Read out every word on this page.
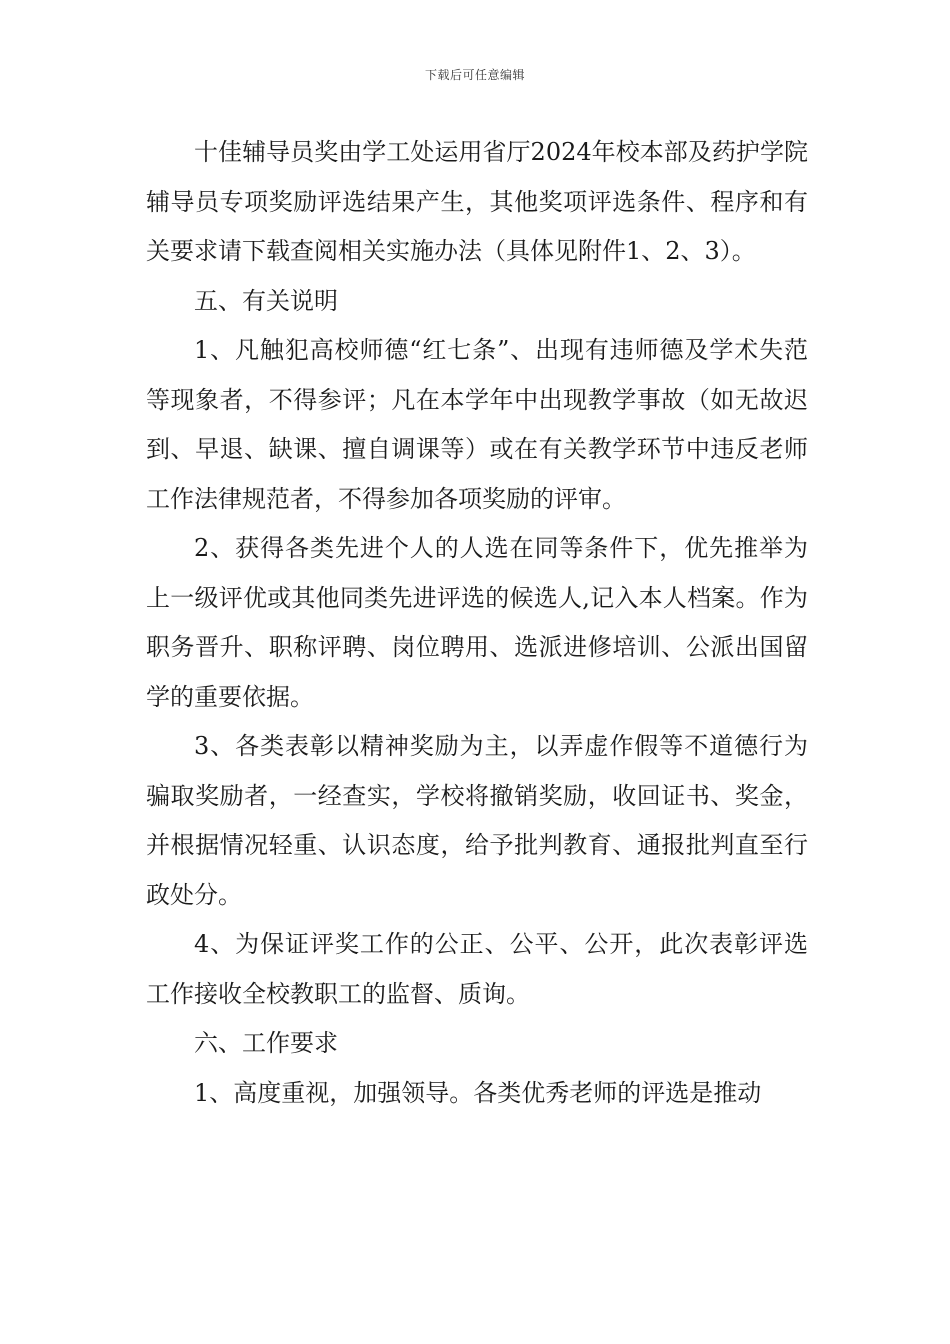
下载后可任意编辑

十佳辅导员奖由学工处运用省厅2024年校本部及药护学院辅导员专项奖励评选结果产生，其他奖项评选条件、程序和有关要求请下载查阅相关实施办法（具体见附件1、2、3）。

五、有关说明

1、凡触犯高校师德“红七条”、出现有违师德及学术失范等现象者，不得参评；凡在本学年中出现教学事故（如无故迟到、早退、缺课、擅自调课等）或在有关教学环节中违反老师工作法律规范者，不得参加各项奖励的评审。

2、获得各类先进个人的人选在同等条件下，优先推举为上一级评优或其他同类先进评选的候选人,记入本人档案。作为职务晋升、职称评聘、岗位聘用、选派进修培训、公派出国留学的重要依据。

3、各类表彰以精神奖励为主，以弄虚作假等不道德行为骗取奖励者，一经查实，学校将撤销奖励，收回证书、奖金，并根据情况轻重、认识态度，给予批判教育、通报批判直至行政处分。

4、为保证评奖工作的公正、公平、公开，此次表彰评选工作接收全校教职工的监督、质询。

六、工作要求

1、高度重视，加强领导。各类优秀老师的评选是推动
